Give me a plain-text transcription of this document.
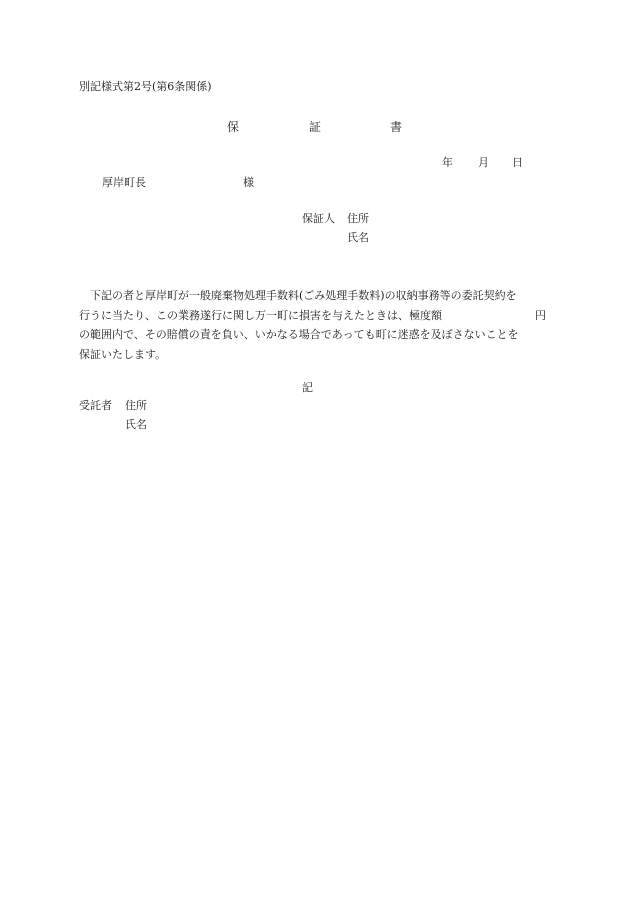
別記様式第2号(第6条関係)
保	証	書
年 月 日
厚岸町長	様
保証人 住所
氏名
下記の者と厚岸町が一般廃棄物処理手数料(ごみ処理手数料)の収納事務等の委託契約を
行うに当たり、この業務遂行に関し万一町に損害を与えたときは、極度額	円
の範囲内で、その賠償の責を負い、いかなる場合であっても町に迷惑を及ぼさないことを
保証いたします。
記
受託者 住所
氏名
